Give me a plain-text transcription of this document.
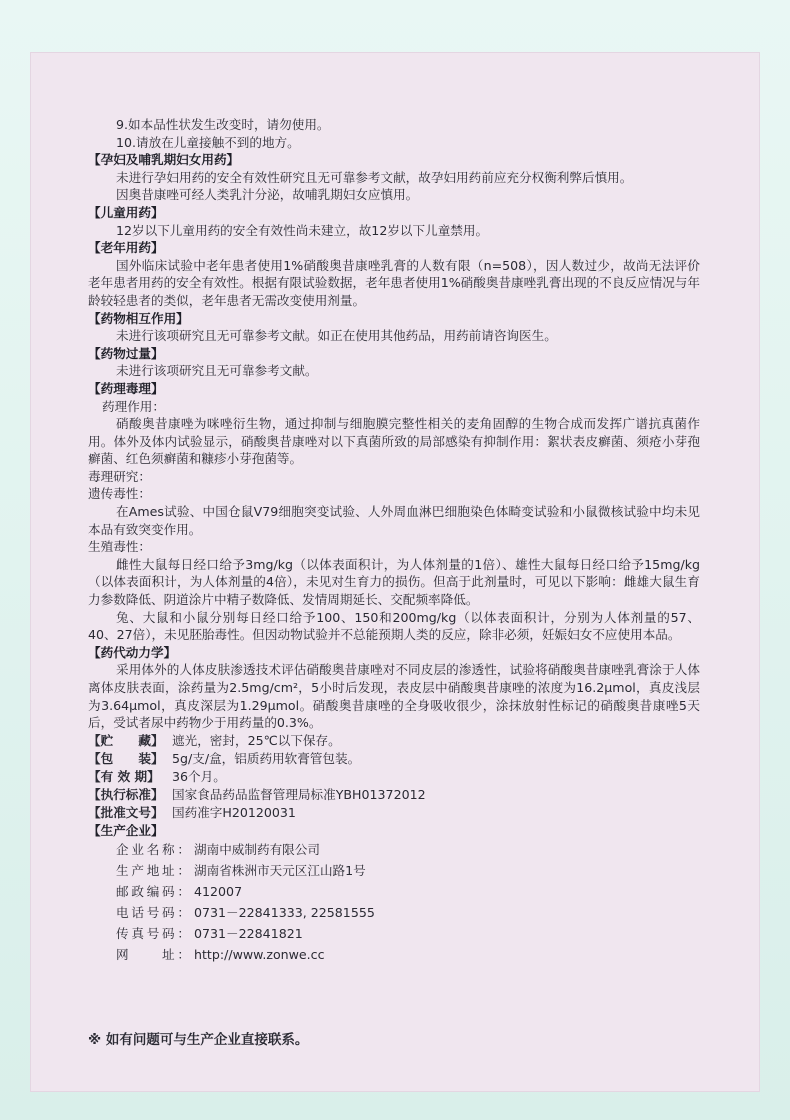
9.如本品性状发生改变时，请勿使用。
10.请放在儿童接触不到的地方。
【孕妇及哺乳期妇女用药】
未进行孕妇用药的安全有效性研究且无可靠参考文献，故孕妇用药前应充分权衡利弊后慎用。
因奥昔康唑可经人类乳汁分泌，故哺乳期妇女应慎用。
【儿童用药】
12岁以下儿童用药的安全有效性尚未建立，故12岁以下儿童禁用。
【老年用药】
国外临床试验中老年患者使用1%硝酸奥昔康唑乳膏的人数有限（n=508），因人数过少，故尚无法评价老年患者用药的安全有效性。根据有限试验数据，老年患者使用1%硝酸奥昔康唑乳膏出现的不良反应情况与年龄较轻患者的类似，老年患者无需改变使用剂量。
【药物相互作用】
未进行该项研究且无可靠参考文献。如正在使用其他药品，用药前请咨询医生。
【药物过量】
未进行该项研究且无可靠参考文献。
【药理毒理】
药理作用：
硝酸奥昔康唑为咪唑衍生物，通过抑制与细胞膜完整性相关的麦角固醇的生物合成而发挥广谱抗真菌作用。体外及体内试验显示，硝酸奥昔康唑对以下真菌所致的局部感染有抑制作用：絮状表皮癣菌、须疮小芽孢癣菌、红色须癣菌和糠疹小芽孢菌等。
毒理研究：
遗传毒性：
在Ames试验、中国仓鼠V79细胞突变试验、人外周血淋巴细胞染色体畸变试验和小鼠微核试验中均未见本品有致突变作用。
生殖毒性：
雌性大鼠每日经口给予3mg/kg（以体表面积计，为人体剂量的1倍）、雄性大鼠每日经口给予15mg/kg（以体表面积计，为人体剂量的4倍），未见对生育力的损伤。但高于此剂量时，可见以下影响：雌雄大鼠生育力参数降低、阴道涂片中精子数降低、发情周期延长、交配频率降低。
兔、大鼠和小鼠分别每日经口给予100、150和200mg/kg（以体表面积计，分别为人体剂量的57、40、27倍），未见胚胎毒性。但因动物试验并不总能预期人类的反应，除非必须，妊娠妇女不应使用本品。
【药代动力学】
采用体外的人体皮肤渗透技术评估硝酸奥昔康唑对不同皮层的渗透性，试验将硝酸奥昔康唑乳膏涂于人体离体皮肤表面，涂药量为2.5mg/cm²，5小时后发现，表皮层中硝酸奥昔康唑的浓度为16.2μmol，真皮浅层为3.64μmol，真皮深层为1.29μmol。硝酸奥昔康唑的全身吸收很少，涂抹放射性标记的硝酸奥昔康唑5天后，受试者尿中药物少于用药量的0.3%。
【贮　　藏】 遮光，密封，25℃以下保存。
【包　　装】 5g/支/盒，铝质药用软膏管包装。
【有 效 期】 36个月。
【执行标准】 国家食品药品监督管理局标准YBH01372012
【批准文号】 国药准字H20120031
【生产企业】
企业名称： 湖南中威制药有限公司
生产地址： 湖南省株洲市天元区江山路1号
邮政编码： 412007
电话号码： 0731－22841333, 22581555
传真号码： 0731－22841821
网　　址： http://www.zonwe.cc
※ 如有问题可与生产企业直接联系。
